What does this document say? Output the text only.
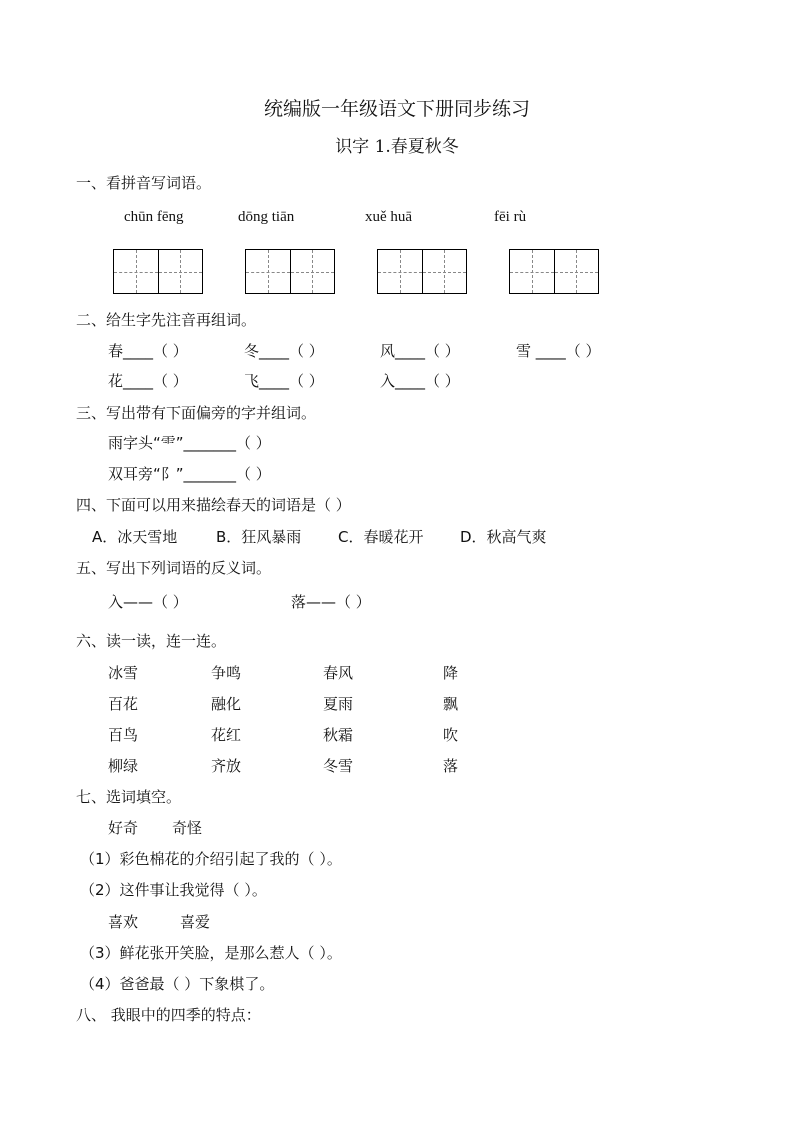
统编版一年级语文下册同步练习
识字 1.春夏秋冬
一、看拼音写词语。
chūn fēng	dōng tiān	xuě huā	fēi rù
二、给生字先注音再组词。
春____（ ）	冬____（ ）	风____（ ）	雪 ____（ ）
花____（ ）	飞____（ ）	入____（ ）
三、写出带有下面偏旁的字并组词。
雨字头“⻗”_______（ ）
双耳旁“阝”_______（ ）
四、下面可以用来描绘春天的词语是（ ）
A．冰天雪地	B．狂风暴雨 C．春暖花开 D．秋高气爽
五、写出下列词语的反义词。
入——（ ）	落——（ ）
六、读一读，连一连。
冰雪	争鸣	春风	降
百花	融化	夏雨	飘
百鸟	花红	秋霜	吹
柳绿	齐放	冬雪	落
七、选词填空。
好奇 奇怪
（1）彩色棉花的介绍引起了我的（ ）。
（2）这件事让我觉得（ ）。
喜欢	喜爱
（3）鲜花张开笑脸，是那么惹人（ ）。
（4）爸爸最（ ）下象棋了。
八、 我眼中的四季的特点：
